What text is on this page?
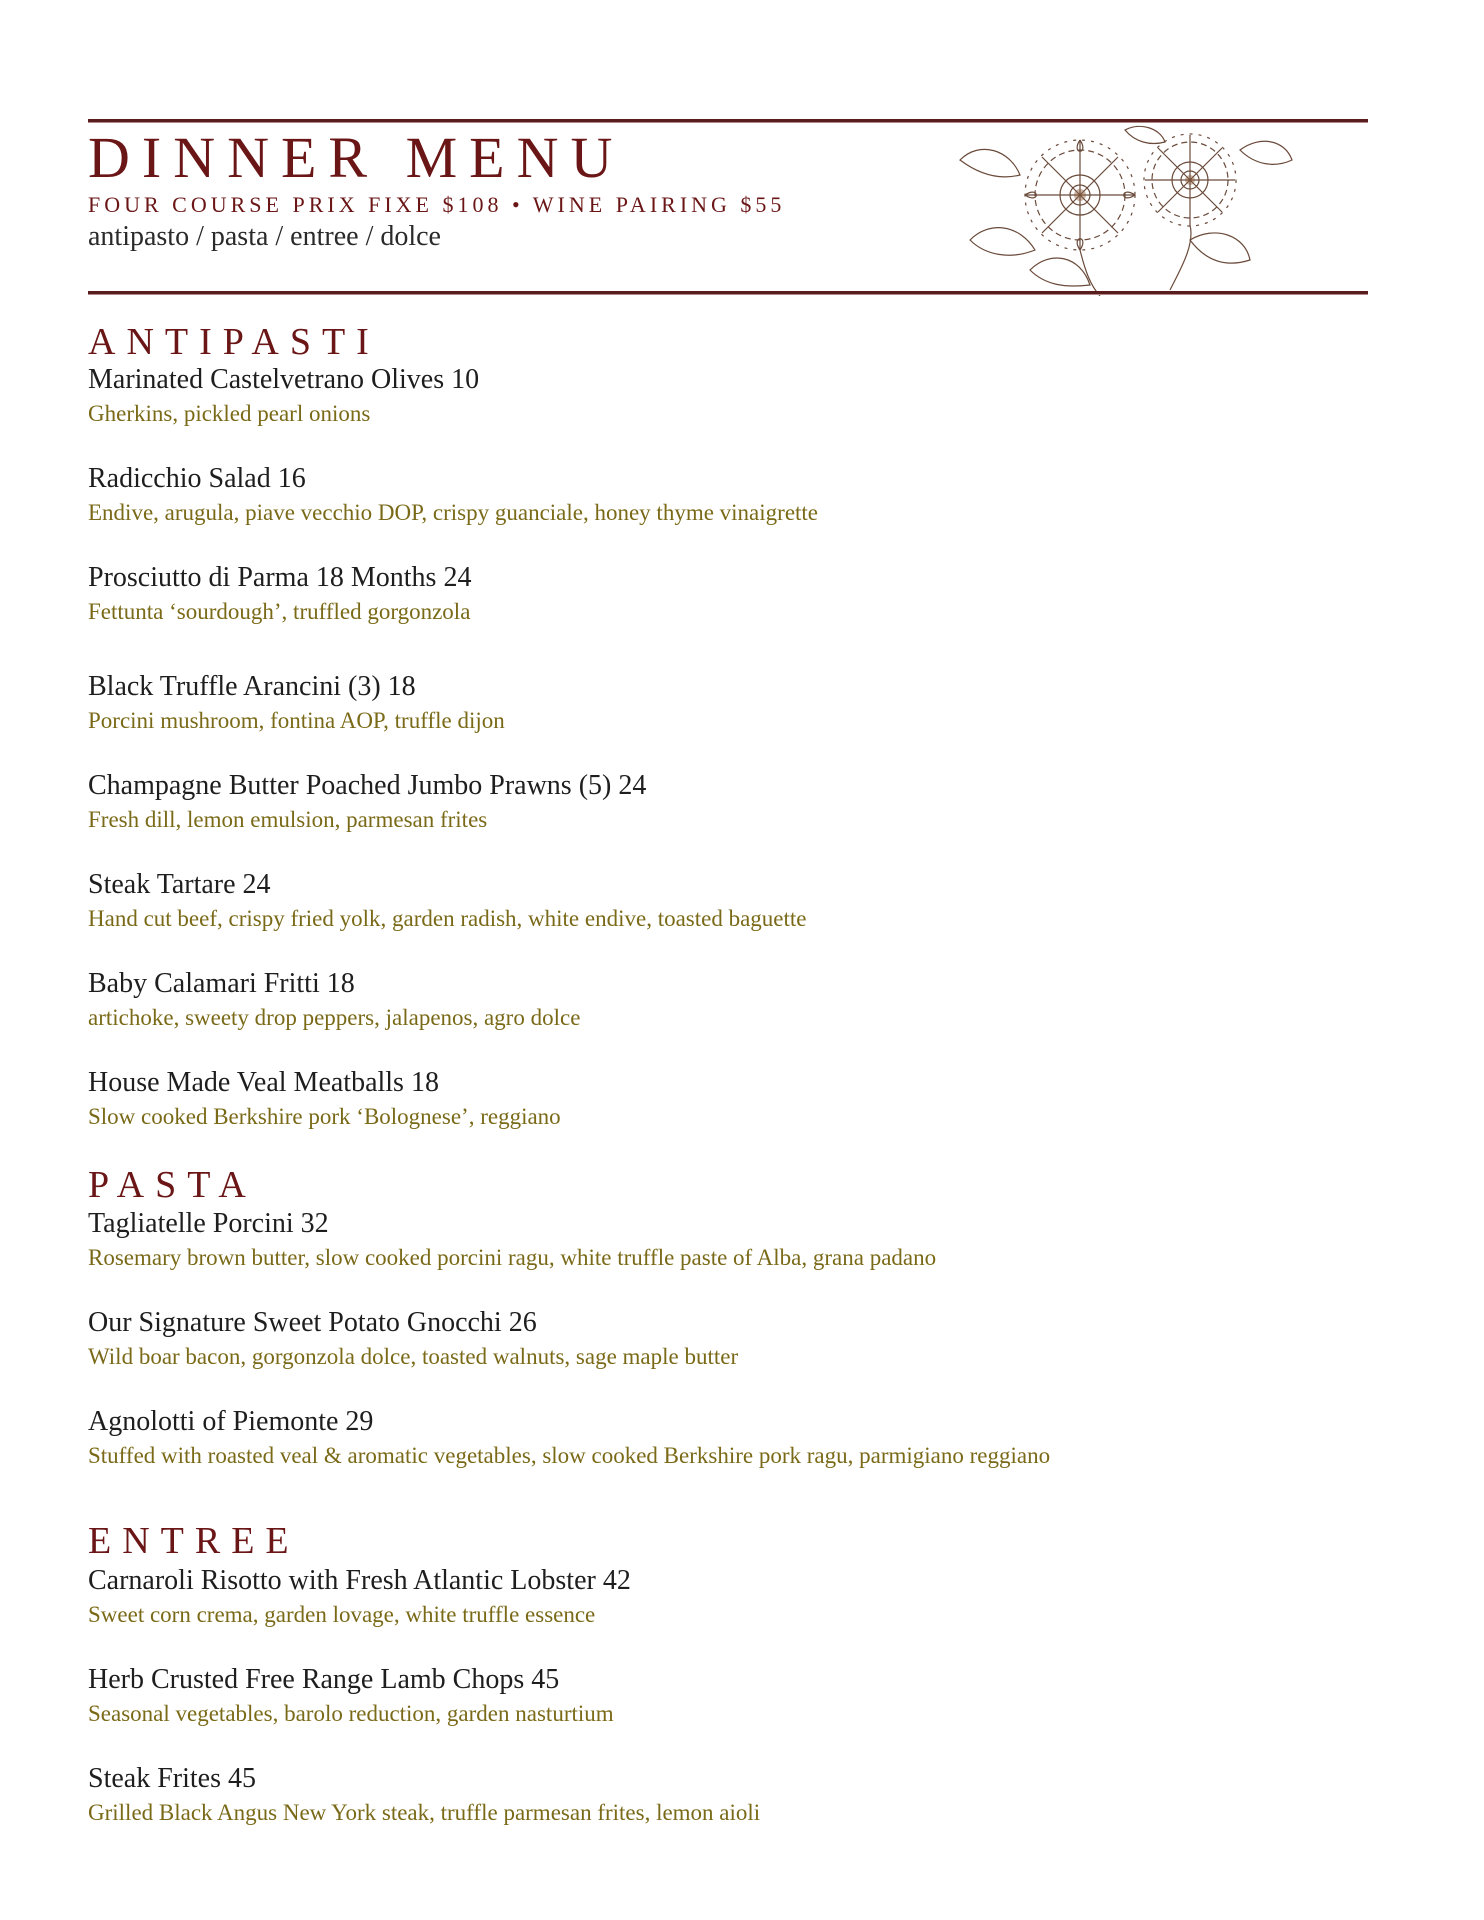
DINNER MENU
FOUR COURSE PRIX FIXE $108 • WINE PAIRING $55
antipasto / pasta / entree / dolce
ANTIPASTI
Marinated Castelvetrano Olives 10
Gherkins, pickled pearl onions
Radicchio Salad 16
Endive, arugula, piave vecchio DOP, crispy guanciale, honey thyme vinaigrette
Prosciutto di Parma 18 Months 24
Fettunta ‘sourdough’, truffled gorgonzola
Black Truffle Arancini (3) 18
Porcini mushroom, fontina AOP, truffle dijon
Champagne Butter Poached Jumbo Prawns (5) 24
Fresh dill, lemon emulsion, parmesan frites
Steak Tartare 24
Hand cut beef, crispy fried yolk, garden radish, white endive, toasted baguette
Baby Calamari Fritti 18
artichoke, sweety drop peppers, jalapenos, agro dolce
House Made Veal Meatballs 18
Slow cooked Berkshire pork ‘Bolognese’, reggiano
PASTA
Tagliatelle Porcini 32
Rosemary brown butter, slow cooked porcini ragu, white truffle paste of Alba, grana padano
Our Signature Sweet Potato Gnocchi 26
Wild boar bacon, gorgonzola dolce, toasted walnuts, sage maple butter
Agnolotti of Piemonte 29
Stuffed with roasted veal & aromatic vegetables, slow cooked Berkshire pork ragu, parmigiano reggiano
ENTREE
Carnaroli Risotto with Fresh Atlantic Lobster 42
Sweet corn crema, garden lovage, white truffle essence
Herb Crusted Free Range Lamb Chops 45
Seasonal vegetables, barolo reduction, garden nasturtium
Steak Frites 45
Grilled Black Angus New York steak, truffle parmesan frites, lemon aioli
